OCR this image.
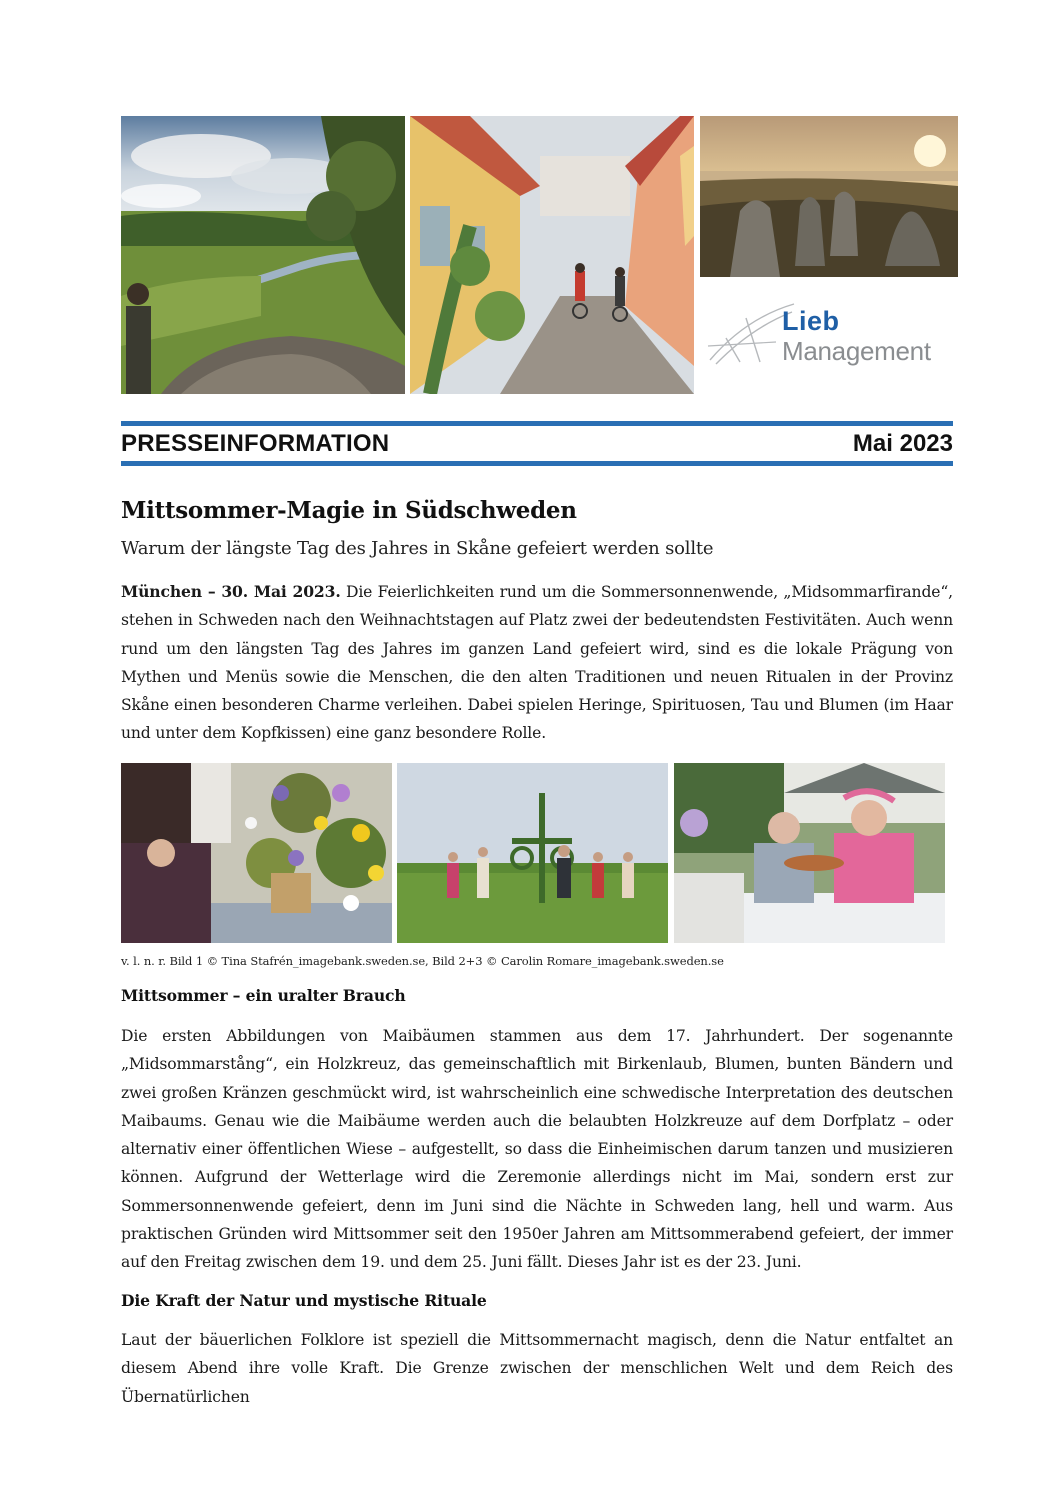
Lieb
Management
PRESSEINFORMATION	Mai 2023
Mittsommer-Magie in Südschweden
Warum der längste Tag des Jahres in Skåne gefeiert werden sollte
München – 30. Mai 2023. Die Feierlichkeiten rund um die Sommersonnenwende, „Midsommarfirande“, stehen in Schweden nach den Weihnachtstagen auf Platz zwei der bedeutendsten Festivitäten. Auch wenn rund um den längsten Tag des Jahres im ganzen Land gefeiert wird, sind es die lokale Prägung von Mythen und Menüs sowie die Menschen, die den alten Traditionen und neuen Ritualen in der Provinz Skåne einen besonderen Charme verleihen. Dabei spielen Heringe, Spirituosen, Tau und Blumen (im Haar und unter dem Kopfkissen) eine ganz besondere Rolle.
v. l. n. r. Bild 1 © Tina Stafrén_imagebank.sweden.se, Bild 2+3 © Carolin Romare_imagebank.sweden.se
Mittsommer – ein uralter Brauch
Die ersten Abbildungen von Maibäumen stammen aus dem 17. Jahrhundert. Der sogenannte „Midsommarstång“, ein Holzkreuz, das gemeinschaftlich mit Birkenlaub, Blumen, bunten Bändern und zwei großen Kränzen geschmückt wird, ist wahrscheinlich eine schwedische Interpretation des deutschen Maibaums. Genau wie die Maibäume werden auch die belaubten Holzkreuze auf dem Dorfplatz – oder alternativ einer öffentlichen Wiese – aufgestellt, so dass die Einheimischen darum tanzen und musizieren können. Aufgrund der Wetterlage wird die Zeremonie allerdings nicht im Mai, sondern erst zur Sommersonnenwende gefeiert, denn im Juni sind die Nächte in Schweden lang, hell und warm. Aus praktischen Gründen wird Mittsommer seit den 1950er Jahren am Mittsommerabend gefeiert, der immer auf den Freitag zwischen dem 19. und dem 25. Juni fällt. Dieses Jahr ist es der 23. Juni.
Die Kraft der Natur und mystische Rituale
Laut der bäuerlichen Folklore ist speziell die Mittsommernacht magisch, denn die Natur entfaltet an diesem Abend ihre volle Kraft. Die Grenze zwischen der menschlichen Welt und dem Reich des Übernatürlichen
